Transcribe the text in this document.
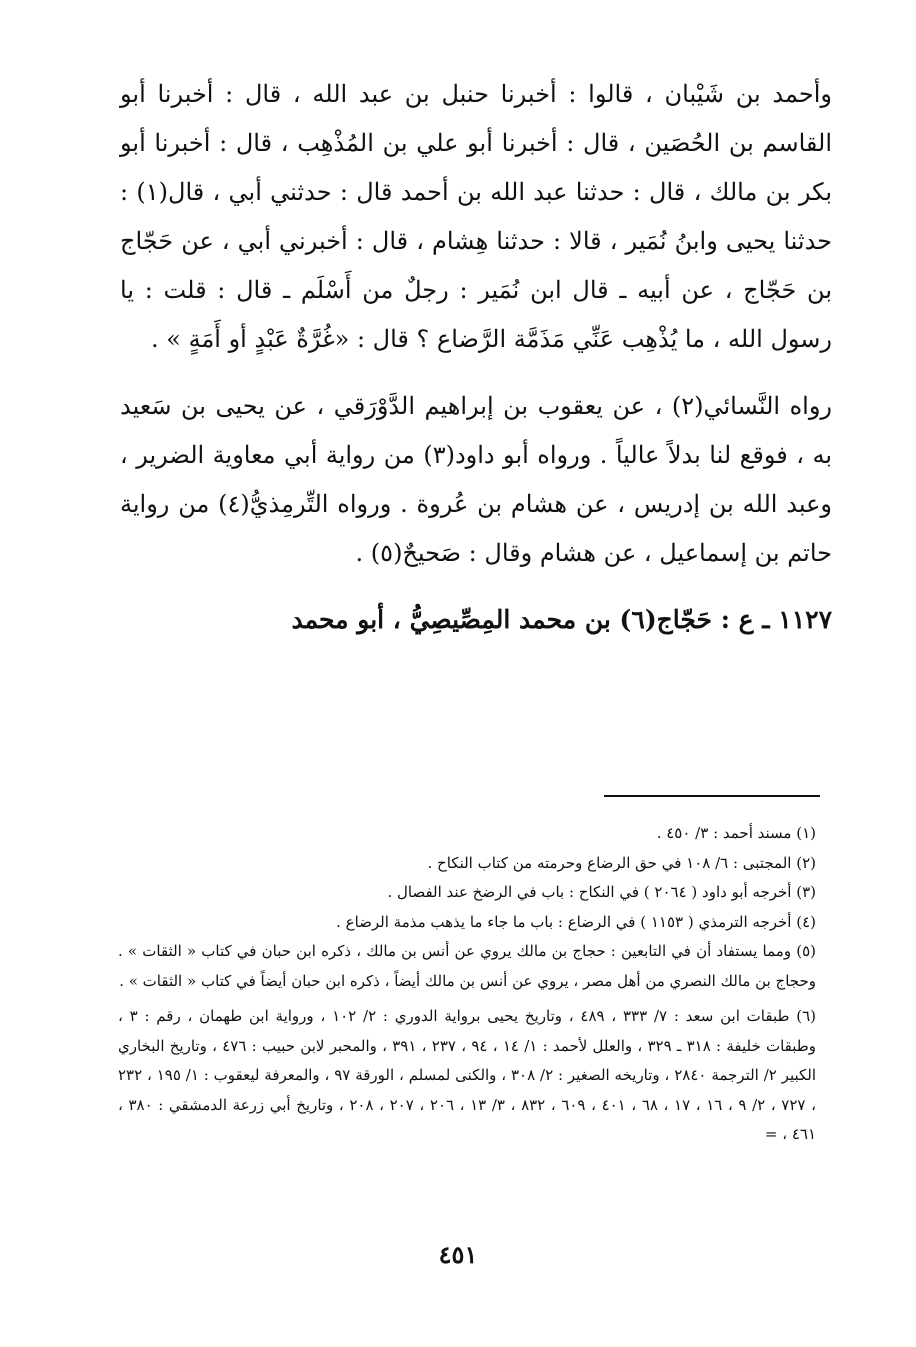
وأحمد بن شَيْبان ، قالوا : أخبرنا حنبل بن عبد الله ، قال : أخبرنا أبو القاسم بن الحُصَين ، قال : أخبرنا أبو علي بن المُذْهِب ، قال : أخبرنا أبو بكر بن مالك ، قال : حدثنا عبد الله بن أحمد قال : حدثني أبي ، قال(١) : حدثنا يحيى وابنُ نُمَير ، قالا : حدثنا هِشام ، قال : أخبرني أبي ، عن حَجّاج بن حَجّاج ، عن أبيه ـ قال ابن نُمَير : رجلٌ من أَسْلَم ـ قال : قلت : يا رسول الله ، ما يُذْهِب عَنِّي مَذَمَّة الرَّضاع ؟ قال : «غُرَّةٌ عَبْدٍ أو أَمَةٍ » .

رواه النَّسائي(٢) ، عن يعقوب بن إبراهيم الدَّوْرَقي ، عن يحيى بن سَعيد به ، فوقع لنا بدلاً عالياً . ورواه أبو داود(٣) من رواية أبي معاوية الضرير ، وعبد الله بن إدريس ، عن هشام بن عُروة . ورواه التِّرمِذيُّ(٤) من رواية حاتم بن إسماعيل ، عن هشام وقال : صَحيحٌ(٥) .

١١٢٧ ـ ع : حَجّاج(٦) بن محمد المِصِّيصِيُّ ، أبو محمد

(١) مسند أحمد : ٣/ ٤٥٠ .

(٢) المجتبى : ٦/ ١٠٨ في حق الرضاع وحرمته من كتاب النكاح .

(٣) أخرجه أبو داود ( ٢٠٦٤ ) في النكاح : باب في الرضخ عند الفصال .

(٤) أخرجه الترمذي ( ١١٥٣ ) في الرضاع : باب ما جاء ما يذهب مذمة الرضاع .

(٥) ومما يستفاد أن في التابعين : حجاج بن مالك يروي عن أنس بن مالك ، ذكره ابن حبان في كتاب « الثقات » . وحجاج بن مالك النصري من أهل مصر ، يروي عن أنس بن مالك أيضاً ، ذكره ابن حبان أيضاً في كتاب « الثقات » .

(٦) طبقات ابن سعد : ٧/ ٣٣٣ ، ٤٨٩ ، وتاريخ يحيى برواية الدوري : ٢/ ١٠٢ ، ورواية ابن طهمان ، رقم : ٣ ، وطبقات خليفة : ٣١٨ ـ ٣٢٩ ، والعلل لأحمد : ١/ ١٤ ، ٩٤ ، ٢٣٧ ، ٣٩١ ، والمحبر لابن حبيب : ٤٧٦ ، وتاريخ البخاري الكبير ٢/ الترجمة ٢٨٤٠ ، وتاريخه الصغير : ٢/ ٣٠٨ ، والكنى لمسلم ، الورقة ٩٧ ، والمعرفة ليعقوب : ١/ ١٩٥ ، ٢٣٢ ، ٧٢٧ ، ٢/ ٩ ، ١٦ ، ١٧ ، ٦٨ ، ٤٠١ ، ٦٠٩ ، ٨٣٢ ، ٣/ ١٣ ، ٢٠٦ ، ٢٠٧ ، ٢٠٨ ، وتاريخ أبي زرعة الدمشقي : ٣٨٠ ، ٤٦١ ، =

٤٥١
